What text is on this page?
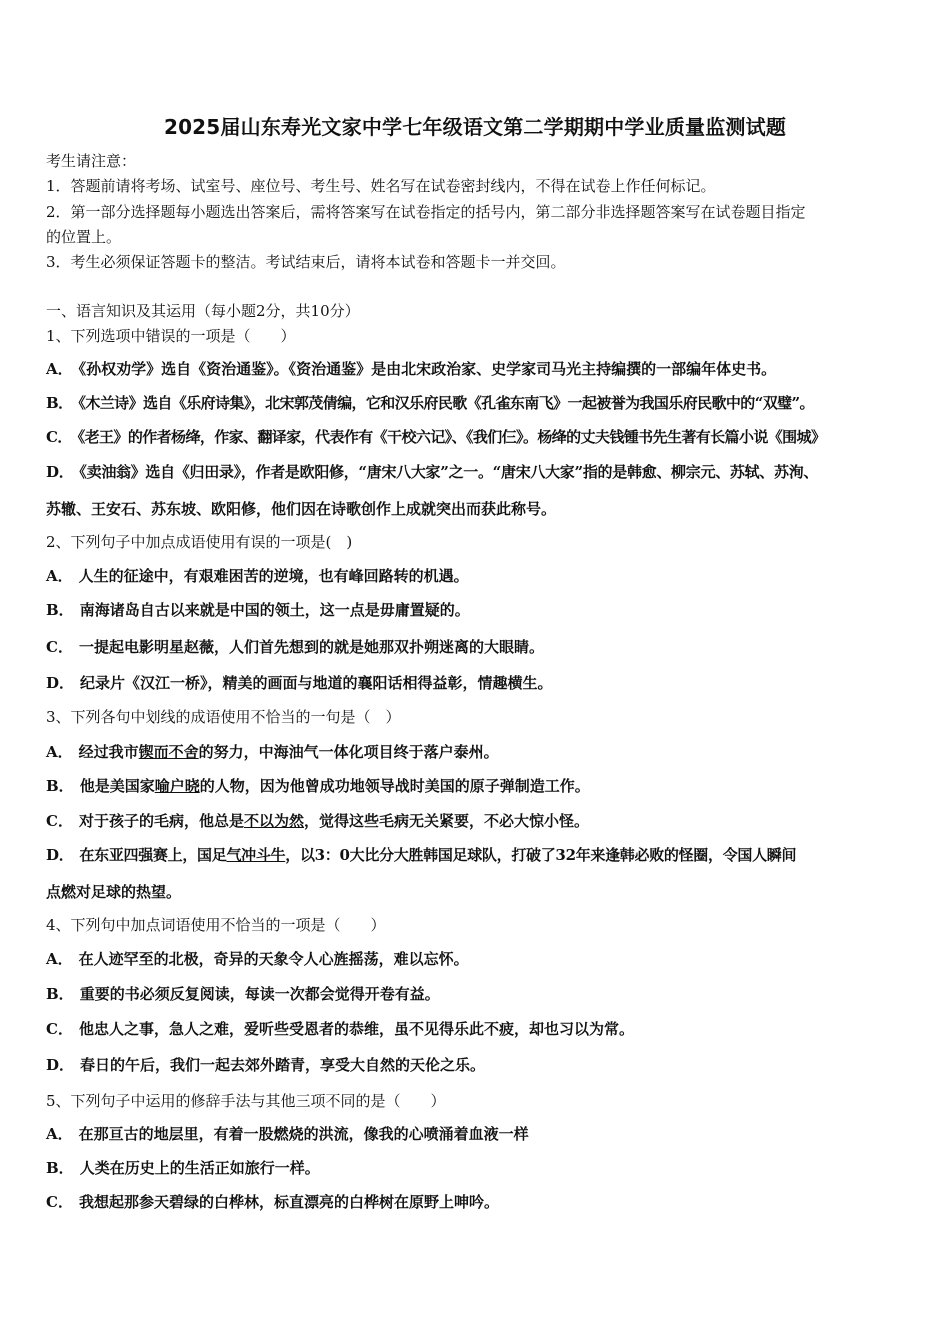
2025届山东寿光文家中学七年级语文第二学期期中学业质量监测试题
考生请注意：
1．答题前请将考场、试室号、座位号、考生号、姓名写在试卷密封线内，不得在试卷上作任何标记。
2．第一部分选择题每小题选出答案后，需将答案写在试卷指定的括号内，第二部分非选择题答案写在试卷题目指定
的位置上。
3．考生必须保证答题卡的整洁。考试结束后，请将本试卷和答题卡一并交回。
一、语言知识及其运用（每小题2分，共10分）
1、下列选项中错误的一项是（　　）
A． 《孙权劝学》选自《资治通鉴》。《资治通鉴》是由北宋政治家、史学家司马光主持编撰的一部编年体史书。
B． 《木兰诗》选自《乐府诗集》，北宋郭茂倩编，它和汉乐府民歌《孔雀东南飞》一起被誉为我国乐府民歌中的“双璧”。
C． 《老王》的作者杨绛，作家、翻译家，代表作有《干校六记》、《我们仨》。杨绛的丈夫钱锺书先生著有长篇小说《围城》
D． 《卖油翁》选自《归田录》，作者是欧阳修，“唐宋八大家”之一。“唐宋八大家”指的是韩愈、柳宗元、苏轼、苏洵、
苏辙、王安石、苏东坡、欧阳修，他们因在诗歌创作上成就突出而获此称号。
2、下列句子中加点成语使用有误的一项是(　)
A． 人生的征途中，有艰难困苦的逆境，也有峰回路转的机遇。
B． 南海诸岛自古以来就是中国的领土，这一点是毋庸置疑的。
C． 一提起电影明星赵薇，人们首先想到的就是她那双扑朔迷离的大眼睛。
D． 纪录片《汉江一桥》，精美的画面与地道的襄阳话相得益彰，情趣横生。
3、下列各句中划线的成语使用不恰当的一句是（　）
A． 经过我市锲而不舍的努力，中海油气一体化项目终于落户泰州。
B． 他是美国家喻户晓的人物，因为他曾成功地领导战时美国的原子弹制造工作。
C． 对于孩子的毛病，他总是不以为然，觉得这些毛病无关紧要，不必大惊小怪。
D． 在东亚四强赛上，国足气冲斗牛，以3：0大比分大胜韩国足球队，打破了32年来逢韩必败的怪圈，令国人瞬间
点燃对足球的热望。
4、下列句中加点词语使用不恰当的一项是（　　）
A． 在人迹罕至的北极，奇异的天象令人心旌摇荡，难以忘怀。
B． 重要的书必须反复阅读，每读一次都会觉得开卷有益。
C． 他忠人之事，急人之难，爱听些受恩者的恭维，虽不见得乐此不疲，却也习以为常。
D． 春日的午后，我们一起去郊外踏青，享受大自然的天伦之乐。
5、下列句子中运用的修辞手法与其他三项不同的是（　　）
A． 在那亘古的地层里，有着一股燃烧的洪流，像我的心喷涌着血液一样
B． 人类在历史上的生活正如旅行一样。
C． 我想起那参天碧绿的白桦林，标直漂亮的白桦树在原野上呻吟。
